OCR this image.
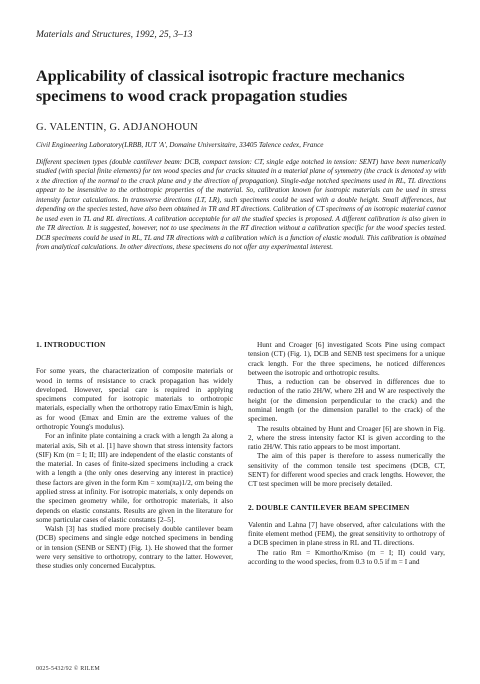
Materials and Structures, 1992, 25, 3–13
Applicability of classical isotropic fracture mechanics specimens to wood crack propagation studies
G. VALENTIN, G. ADJANOHOUN
Civil Engineering Laboratory(LRBB, IUT 'A', Domaine Universitaire, 33405 Talence cedex, France

Different specimen types (double cantilever beam: DCB, compact tension: CT, single edge notched in tension: SENT) have been numerically studied (with special finite elements) for ten wood species and for cracks situated in a material plane of symmetry (the crack is denoted xy with x the direction of the normal to the crack plane and y the direction of propagation). Single-edge notched specimens used in RL, TL directions appear to be insensitive to the orthotropic properties of the material. So, calibration known for isotropic materials can be used in stress intensity factor calculations. In transverse directions (LT, LR), such specimens could be used with a double height. Small differences, but depending on the species tested, have also been obtained in TR and RT directions. Calibration of CT specimens of an isotropic material cannot be used even in TL and RL directions. A calibration acceptable for all the studied species is proposed. A different calibration is also given in the TR direction. It is suggested, however, not to use specimens in the RT direction without a calibration specific for the wood species tested. DCB specimens could be used in RL, TL and TR directions with a calibration which is a function of elastic moduli. This calibration is obtained from analytical calculations. In other directions, these specimens do not offer any experimental interest.

1. INTRODUCTION

For some years, the characterization of composite materials or wood in terms of resistance to crack propagation has widely developed. However, special care is required in applying specimens computed for isotropic materials to orthotropic materials, especially when the orthotropy ratio Emax/Emin is high, as for wood (Emax and Emin are the extreme values of the orthotropic Young's modulus).

For an infinite plate containing a crack with a length 2a along a material axis, Sih et al. [1] have shown that stress intensity factors (SIF) Km (m = I; II; III) are independent of the elastic constants of the material. In cases of finite-sized specimens including a crack with a length a (the only ones deserving any interest in practice) these factors are given in the form Km = xσm(πa)1/2, σm being the applied stress at infinity. For isotropic materials, x only depends on the specimen geometry while, for orthotropic materials, it also depends on elastic constants. Results are given in the literature for some particular cases of elastic constants [2–5].

Walsh [3] has studied more precisely double cantilever beam (DCB) specimens and single edge notched specimens in bending or in tension (SENB or SENT) (Fig. 1). He showed that the former were very sensitive to orthotropy, contrary to the latter. However, these studies only concerned Eucalyptus.

Hunt and Croager [6] investigated Scots Pine using compact tension (CT) (Fig. 1), DCB and SENB test specimens for a unique crack length. For the three specimens, he noticed differences between the isotropic and orthotropic results.

Thus, a reduction can be observed in differences due to reduction of the ratio 2H/W, where 2H and W are respectively the height (or the dimension perpendicular to the crack) and the nominal length (or the dimension parallel to the crack) of the specimen.

The results obtained by Hunt and Croager [6] are shown in Fig. 2, where the stress intensity factor KI is given according to the ratio 2H/W. This ratio appears to be most important.

The aim of this paper is therefore to assess numerically the sensitivity of the common tensile test specimens (DCB, CT, SENT) for different wood species and crack lengths. However, the CT test specimen will be more precisely detailed.

2. DOUBLE CANTILEVER BEAM SPECIMEN

Valentin and Lahna [7] have observed, after calculations with the finite element method (FEM), the great sensitivity to orthotropy of a DCB specimen in plane stress in RL and TL directions.

The ratio Rm = Kmortho/Kmiso (m = I; II) could vary, according to the wood species, from 0.3 to 0.5 if m = I and

0025-5432/92 © RILEM
